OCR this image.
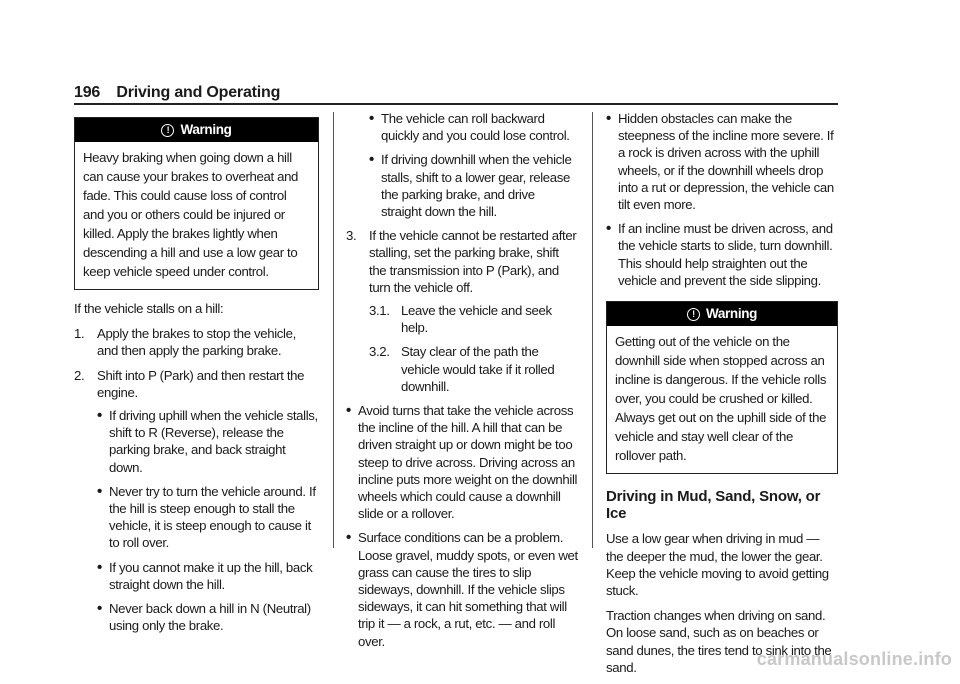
196 Driving and Operating
! Warning
Heavy braking when going down a hill can cause your brakes to overheat and fade. This could cause loss of control and you or others could be injured or killed. Apply the brakes lightly when descending a hill and use a low gear to keep vehicle speed under control.

If the vehicle stalls on a hill:

1. Apply the brakes to stop the vehicle, and then apply the parking brake.
2. Shift into P (Park) and then restart the engine.
• If driving uphill when the vehicle stalls, shift to R (Reverse), release the parking brake, and back straight down.
• Never try to turn the vehicle around. If the hill is steep enough to stall the vehicle, it is steep enough to cause it to roll over.
• If you cannot make it up the hill, back straight down the hill.
• Never back down a hill in N (Neutral) using only the brake.
• The vehicle can roll backward quickly and you could lose control.
• If driving downhill when the vehicle stalls, shift to a lower gear, release the parking brake, and drive straight down the hill.
3. If the vehicle cannot be restarted after stalling, set the parking brake, shift the transmission into P (Park), and turn the vehicle off.
3.1. Leave the vehicle and seek help.
3.2. Stay clear of the path the vehicle would take if it rolled downhill.
• Avoid turns that take the vehicle across the incline of the hill. A hill that can be driven straight up or down might be too steep to drive across. Driving across an incline puts more weight on the downhill wheels which could cause a downhill slide or a rollover.
• Surface conditions can be a problem. Loose gravel, muddy spots, or even wet grass can cause the tires to slip sideways, downhill. If the vehicle slips sideways, it can hit something that will trip it — a rock, a rut, etc. — and roll over.
• Hidden obstacles can make the steepness of the incline more severe. If a rock is driven across with the uphill wheels, or if the downhill wheels drop into a rut or depression, the vehicle can tilt even more.
• If an incline must be driven across, and the vehicle starts to slide, turn downhill. This should help straighten out the vehicle and prevent the side slipping.
! Warning
Getting out of the vehicle on the downhill side when stopped across an incline is dangerous. If the vehicle rolls over, you could be crushed or killed. Always get out on the uphill side of the vehicle and stay well clear of the rollover path.
Driving in Mud, Sand, Snow, or Ice

Use a low gear when driving in mud — the deeper the mud, the lower the gear. Keep the vehicle moving to avoid getting stuck.

Traction changes when driving on sand. On loose sand, such as on beaches or sand dunes, the tires tend to sink into the sand.	carmanualsonline.info
